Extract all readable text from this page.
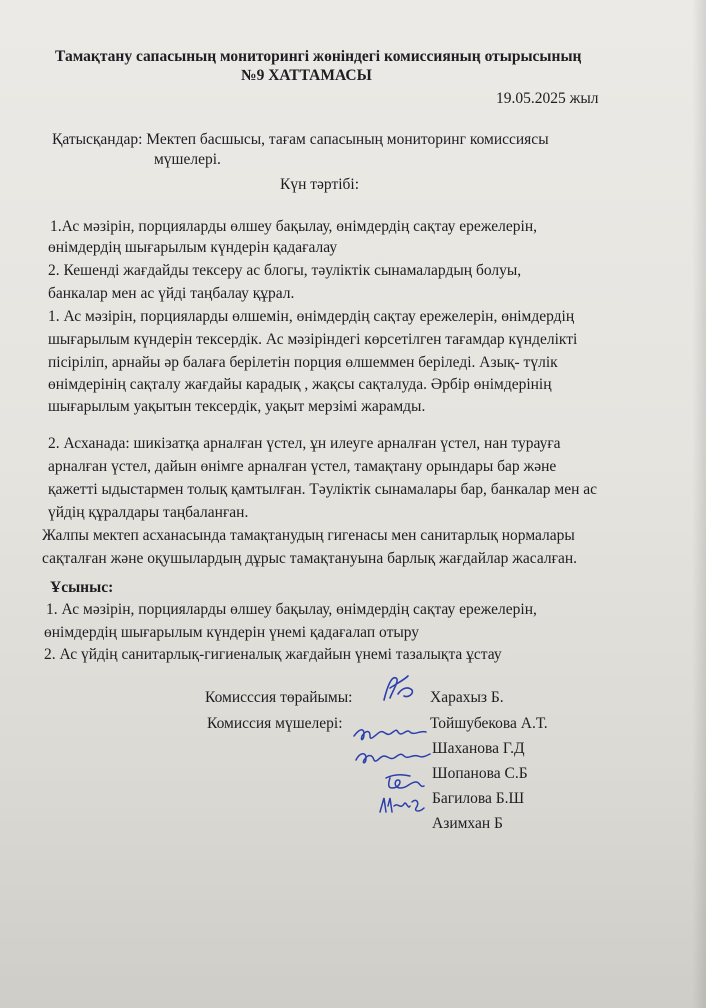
Тамақтану сапасының мониторингі жөніндегі комиссияның отырысының
№9 ХАТТАМАСЫ
19.05.2025 жыл
Қатысқандар: Мектеп басшысы, тағам сапасының мониторинг комиссиясы
мүшелері.
Күн тәртібі:
1.Ас мәзірін, порцияларды өлшеу бақылау, өнімдердің сақтау ережелерін,
өнімдердің шығарылым күндерін қадағалау
2. Кешенді жағдайды тексеру ас блогы, тәуліктік сынамалардың болуы,
банкалар мен ас үйді таңбалау құрал.
1. Ас мәзірін, порцияларды өлшемін, өнімдердің сақтау ережелерін, өнімдердің
шығарылым күндерін тексердік. Ас мәзіріндегі көрсетілген тағамдар күнделікті
пісіріліп, арнайы әр балаға берілетін порция өлшеммен беріледі. Азық- түлік
өнімдерінің сақталу жағдайы карадық , жақсы сақталуда. Әрбір өнімдерінің
шығарылым уақытын тексердік, уақыт мерзімі жарамды.
2. Асханада: шикізатқа арналған үстел, ұн илеуге арналған үстел, нан турауға
арналған үстел, дайын өнімге арналған үстел, тамақтану орындары бар және
қажетті ыдыстармен толық қамтылған. Тәуліктік сынамалары бар, банкалар мен ас
үйдің құралдары таңбаланған.
Жалпы мектеп асханасында тамақтанудың гигенасы мен санитарлық нормалары
сақталған және оқушылардың дұрыс тамақтануына барлық жағдайлар жасалған.
Ұсыныс:
1. Ас мәзірін, порцияларды өлшеу бақылау, өнімдердің сақтау ережелерін,
өнімдердің шығарылым күндерін үнемі қадағалап отыру
2. Ас үйдің санитарлық-гигиеналық жағдайын үнемі тазалықта ұстау
Комисссия төрайымы:	Харахыз Б.
Комиссия мүшелері:	Тойшубекова А.Т.
Шаханова Г.Д
Шопанова С.Б
Багилова Б.Ш
Азимхан Б
